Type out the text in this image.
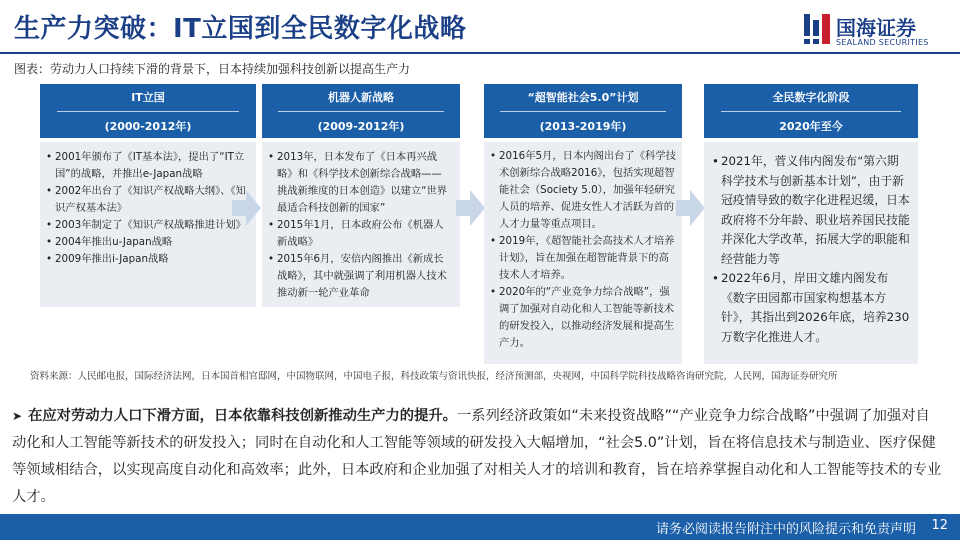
生产力突破：IT立国到全民数字化战略	国海证券
SEALAND SECURITIES
图表：劳动力人口持续下滑的背景下，日本持续加强科技创新以提高生产力
IT立国
(2000-2012年)
• 2001年颁布了《IT基本法》，提出了“IT立国”的战略，并推出e-Japan战略
• 2002年出台了《知识产权战略大纲》、《知识产权基本法》
• 2003年制定了《知识产权战略推进计划》
• 2004年推出u-Japan战略
• 2009年推出i-Japan战略
机器人新战略
(2009-2012年)
• 2013年，日本发布了《日本再兴战略》和《科学技术创新综合战略——挑战新维度的日本创造》以建立“世界最适合科技创新的国家”
• 2015年1月，日本政府公布《机器人新战略》
• 2015年6月，安倍内阁推出《新成长战略》，其中就强调了利用机器人技术推动新一轮产业革命
“超智能社会5.0”计划
(2013-2019年)
• 2016年5月，日本内阁出台了《科学技术创新综合战略2016》，包括实现超智能社会（Society 5.0），加强年轻研究人员的培养、促进女性人才活跃为首的人才力量等重点项目。
• 2019年，《超智能社会高技术人才培养计划》，旨在加强在超智能背景下的高技术人才培养。
• 2020年的“产业竞争力综合战略”，强调了加强对自动化和人工智能等新技术的研发投入，以推动经济发展和提高生产力。
全民数字化阶段
2020年至今
• 2021年，菅义伟内阁发布“第六期科学技术与创新基本计划”，由于新冠疫情导致的数字化进程迟缓，日本政府将不分年龄、职业培养国民技能并深化大学改革，拓展大学的职能和经营能力等
• 2022年6月，岸田文雄内阁发布《数字田园都市国家构想基本方针》，其指出到2026年底，培养230万数字化推进人才。
资料来源：人民邮电报，国际经济法网，日本国首相官邸网，中国物联网，中国电子报，科技政策与资讯快报，经济预测部，央视网，中国科学院科技战略咨询研究院，人民网，国海证券研究所
➤ 在应对劳动力人口下滑方面，日本依靠科技创新推动生产力的提升。一系列经济政策如“未来投资战略”“产业竞争力综合战略”中强调了加强对自动化和人工智能等新技术的研发投入；同时在自动化和人工智能等领域的研发投入大幅增加，“社会5.0”计划，旨在将信息技术与制造业、医疗保健等领域相结合，以实现高度自动化和高效率；此外，日本政府和企业加强了对相关人才的培训和教育，旨在培养掌握自动化和人工智能等技术的专业人才。
请务必阅读报告附注中的风险提示和免责声明 12
